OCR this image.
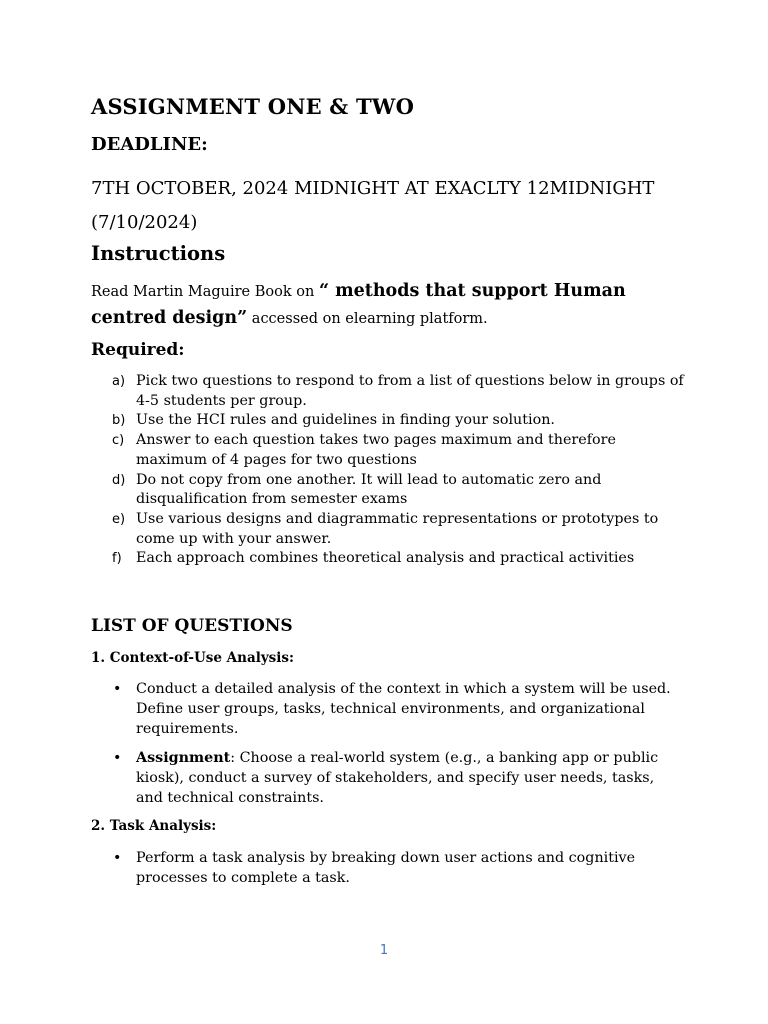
ASSIGNMENT ONE & TWO
DEADLINE:
7TH OCTOBER, 2024 MIDNIGHT AT EXACLTY 12MIDNIGHT
(7/10/2024)
Instructions
Read Martin Maguire Book on “ methods that support Human centred design” accessed on elearning platform.
Required:
a) Pick two questions to respond to from a list of questions below in groups of 4-5 students per group.
b) Use the HCI rules and guidelines in finding your solution.
c) Answer to each question takes two pages maximum and therefore maximum of 4 pages for two questions
d) Do not copy from one another. It will lead to automatic zero and disqualification from semester exams
e) Use various designs and diagrammatic representations or prototypes to come up with your answer.
f) Each approach combines theoretical analysis and practical activities
LIST OF QUESTIONS
1. Context-of-Use Analysis:
• Conduct a detailed analysis of the context in which a system will be used. Define user groups, tasks, technical environments, and organizational requirements.
• Assignment: Choose a real-world system (e.g., a banking app or public kiosk), conduct a survey of stakeholders, and specify user needs, tasks, and technical constraints.
2. Task Analysis:
• Perform a task analysis by breaking down user actions and cognitive processes to complete a task.
1
